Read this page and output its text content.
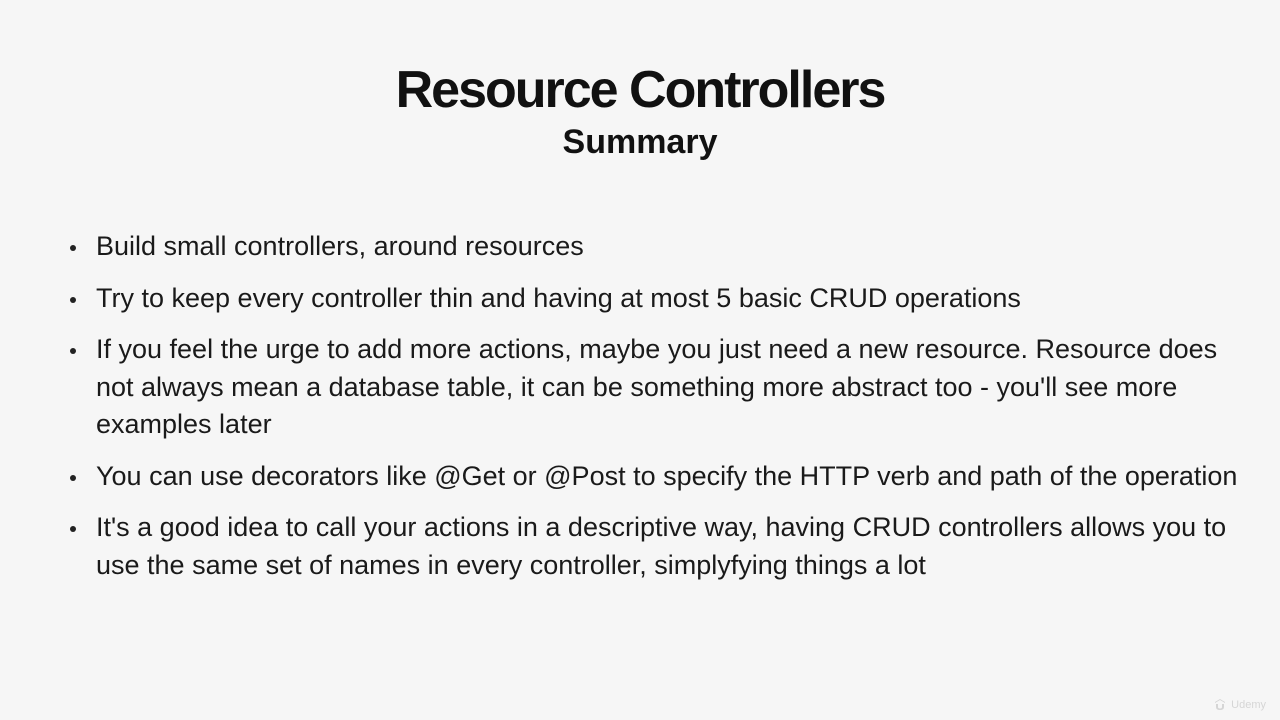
Resource Controllers
Summary
Build small controllers, around resources
Try to keep every controller thin and having at most 5 basic CRUD operations
If you feel the urge to add more actions, maybe you just need a new resource. Resource does not always mean a database table, it can be something more abstract too - you'll see more examples later
You can use decorators like @Get or @Post to specify the HTTP verb and path of the operation
It's a good idea to call your actions in a descriptive way, having CRUD controllers allows you to use the same set of names in every controller, simplyfying things a lot
Udemy
